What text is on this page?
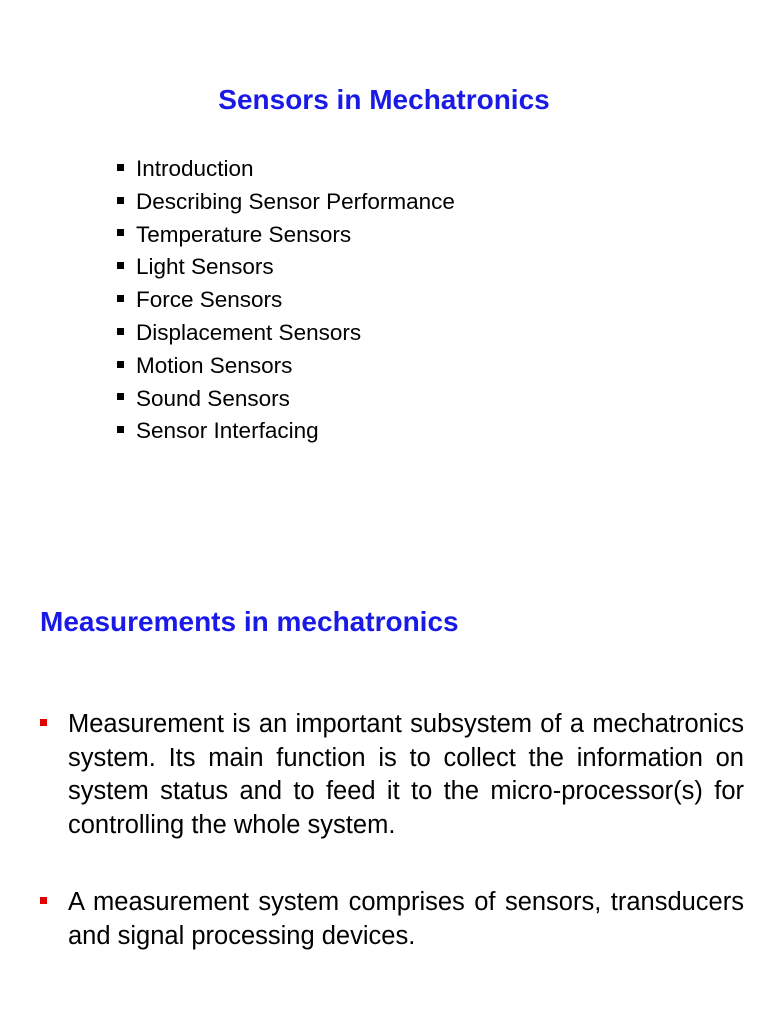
Sensors in Mechatronics
Introduction
Describing Sensor Performance
Temperature Sensors
Light Sensors
Force Sensors
Displacement Sensors
Motion Sensors
Sound Sensors
Sensor Interfacing
Measurements in mechatronics
Measurement is an important subsystem of a mechatronics system. Its main function is to collect the information on system status and to feed it to the micro-processor(s) for controlling the whole system.
A measurement system comprises of sensors, transducers and signal processing devices.
